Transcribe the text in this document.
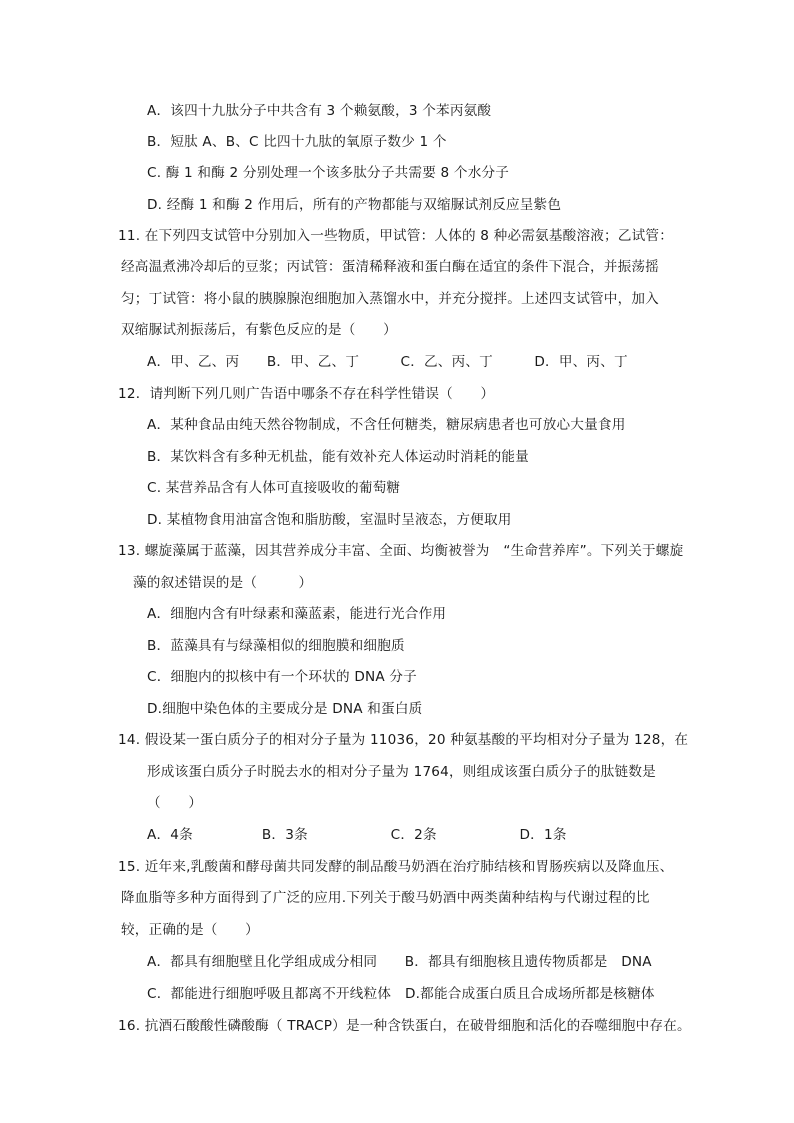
A．该四十九肽分子中共含有 3 个赖氨酸，3 个苯丙氨酸
B．短肽 A、B、C 比四十九肽的氧原子数少 1 个
C. 酶 1 和酶 2 分别处理一个该多肽分子共需要 8 个水分子
D. 经酶 1 和酶 2 作用后，所有的产物都能与双缩脲试剂反应呈紫色
11. 在下列四支试管中分别加入一些物质，甲试管：人体的 8 种必需氨基酸溶液；乙试管：
经高温煮沸冷却后的豆浆；丙试管：蛋清稀释液和蛋白酶在适宜的条件下混合，并振荡摇
匀；丁试管：将小鼠的胰腺腺泡细胞加入蒸馏水中，并充分搅拌。上述四支试管中，加入
双缩脲试剂振荡后，有紫色反应的是（　　）
A．甲、乙、丙　　B．甲、乙、丁　　　C．乙、丙、丁　　　D．甲、丙、丁
12．请判断下列几则广告语中哪条不存在科学性错误（　　）
A．某种食品由纯天然谷物制成，不含任何糖类，糖尿病患者也可放心大量食用
B．某饮料含有多种无机盐，能有效补充人体运动时消耗的能量
C. 某营养品含有人体可直接吸收的葡萄糖
D. 某植物食用油富含饱和脂肪酸，室温时呈液态，方便取用
13. 螺旋藻属于蓝藻，因其营养成分丰富、全面、均衡被誉为　“生命营养库”。下列关于螺旋
藻的叙述错误的是（　　　）
A．细胞内含有叶绿素和藻蓝素，能进行光合作用
B．蓝藻具有与绿藻相似的细胞膜和细胞质
C．细胞内的拟核中有一个环状的 DNA 分子
D.细胞中染色体的主要成分是 DNA 和蛋白质
14. 假设某一蛋白质分子的相对分子量为 11036，20 种氨基酸的平均相对分子量为 128，在
形成该蛋白质分子时脱去水的相对分子量为 1764，则组成该蛋白质分子的肽链数是
（　　）
A．4条　　　　　B．3条　　　　　　C．2条　　　　　　D．1条
15. 近年来,乳酸菌和酵母菌共同发酵的制品酸马奶酒在治疗肺结核和胃肠疾病以及降血压、
降血脂等多种方面得到了广泛的应用.下列关于酸马奶酒中两类菌种结构与代谢过程的比
较，正确的是（　　）
A．都具有细胞壁且化学组成成分相同　　B．都具有细胞核且遗传物质都是　DNA
C．都能进行细胞呼吸且都离不开线粒体　D.都能合成蛋白质且合成场所都是核糖体
16. 抗酒石酸酸性磷酸酶（ TRACP）是一种含铁蛋白，在破骨细胞和活化的吞噬细胞中存在。
